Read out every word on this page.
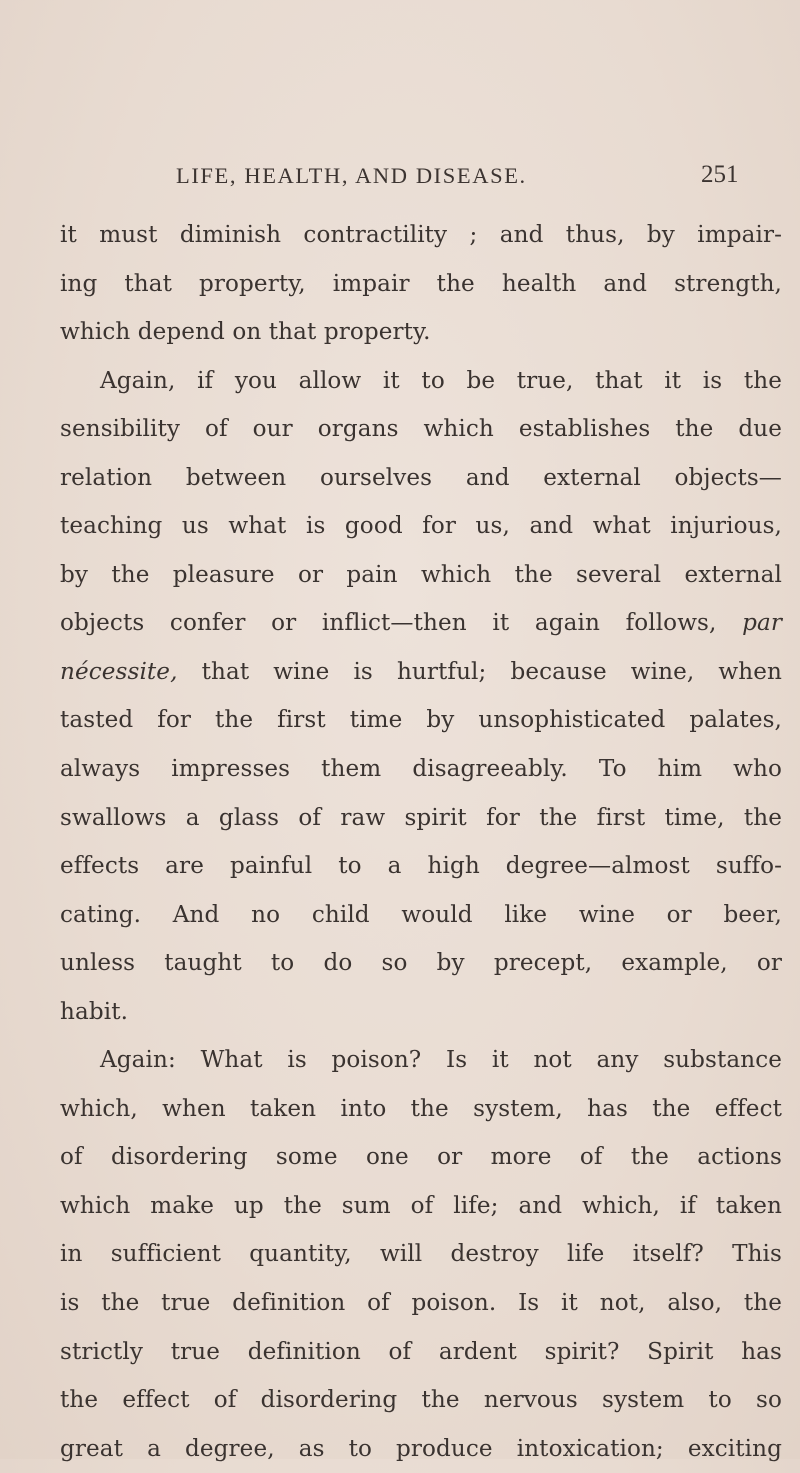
LIFE, HEALTH, AND DISEASE.	251
it must diminish contractility ; and thus, by impair-
ing that property, impair the health and strength,
which depend on that property.
Again, if you allow it to be true, that it is the
sensibility of our organs which establishes the due
relation between ourselves and external objects—
teaching us what is good for us, and what injurious,
by the pleasure or pain which the several external
objects confer or inflict—then it again follows, par
nécessite, that wine is hurtful; because wine, when
tasted for the first time by unsophisticated palates,
always impresses them disagreeably. To him who
swallows a glass of raw spirit for the first time, the
effects are painful to a high degree—almost suffo-
cating. And no child would like wine or beer,
unless taught to do so by precept, example, or
habit.
Again: What is poison? Is it not any substance
which, when taken into the system, has the effect
of disordering some one or more of the actions
which make up the sum of life; and which, if taken
in sufficient quantity, will destroy life itself? This
is the true definition of poison. Is it not, also, the
strictly true definition of ardent spirit? Spirit has
the effect of disordering the nervous system to so
great a degree, as to produce intoxication; exciting
